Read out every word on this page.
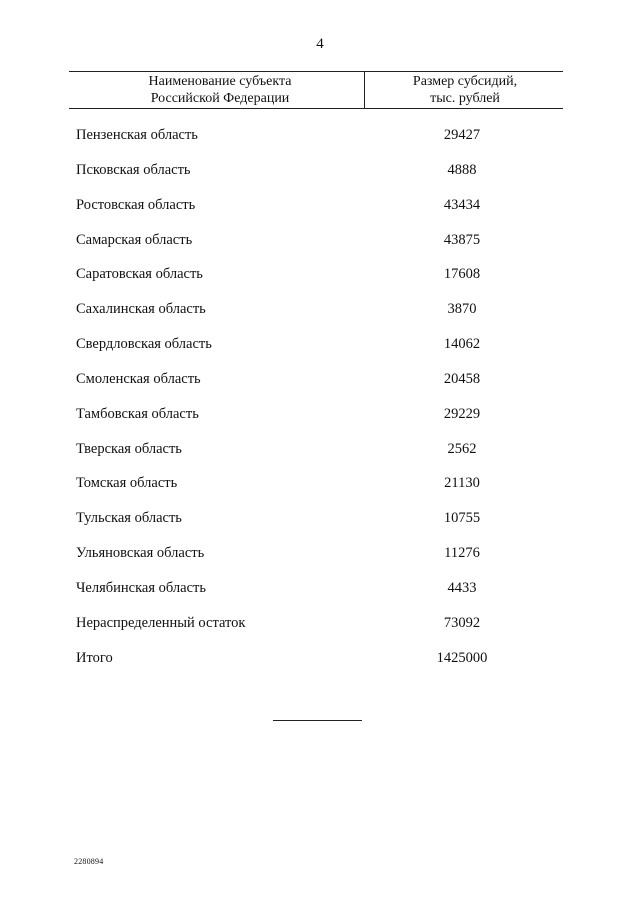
4
Наименование субъекта
Российской Федерации
Размер субсидий,
тыс. рублей
Пензенская область	29427
Псковская область	4888
Ростовская область	43434
Самарская область	43875
Саратовская область	17608
Сахалинская область	3870
Свердловская область	14062
Смоленская область	20458
Тамбовская область	29229
Тверская область	2562
Томская область	21130
Тульская область	10755
Ульяновская область	11276
Челябинская область	4433
Нераспределенный остаток	73092
Итого	1425000
2280894
